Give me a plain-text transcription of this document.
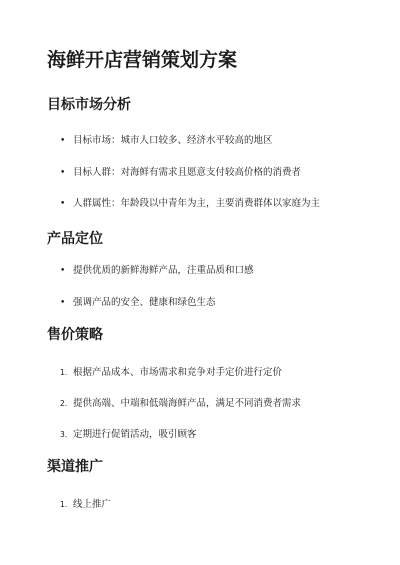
海鲜开店营销策划方案
目标市场分析
• 目标市场：城市人口较多、经济水平较高的地区
• 目标人群：对海鲜有需求且愿意支付较高价格的消费者
• 人群属性：年龄段以中青年为主，主要消费群体以家庭为主
产品定位
• 提供优质的新鲜海鲜产品，注重品质和口感
• 强调产品的安全、健康和绿色生态
售价策略
1. 根据产品成本、市场需求和竞争对手定价进行定价
2. 提供高端、中端和低端海鲜产品，满足不同消费者需求
3. 定期进行促销活动，吸引顾客
渠道推广
1. 线上推广
